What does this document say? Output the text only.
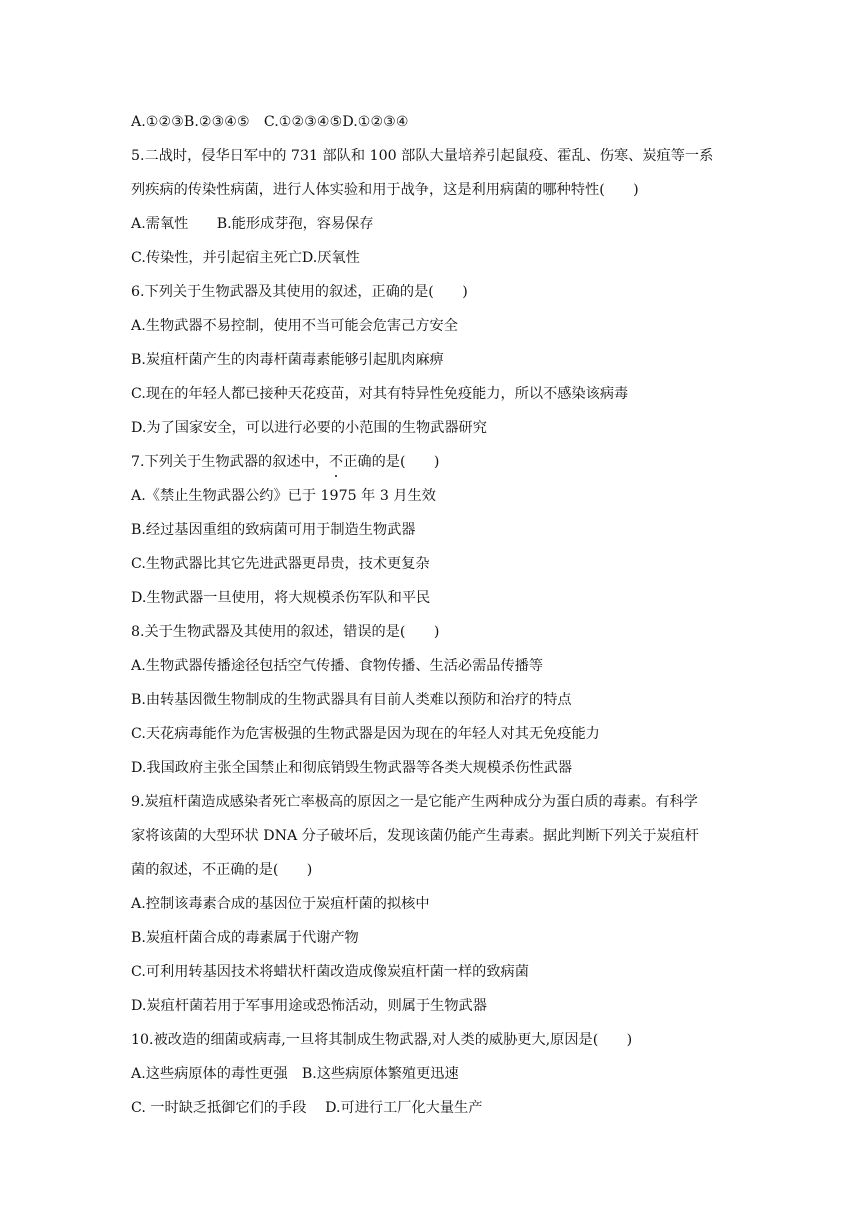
A.①②③B.②③④⑤　C.①②③④⑤D.①②③④
5.二战时，侵华日军中的 731 部队和 100 部队大量培养引起鼠疫、霍乱、伤寒、炭疽等一系
列疾病的传染性病菌，进行人体实验和用于战争，这是利用病菌的哪种特性(　　)
A.需氧性　　B.能形成芽孢，容易保存
C.传染性，并引起宿主死亡D.厌氧性
6.下列关于生物武器及其使用的叙述，正确的是(　　)
A.生物武器不易控制，使用不当可能会危害己方安全
B.炭疽杆菌产生的肉毒杆菌毒素能够引起肌肉麻痹
C.现在的年轻人都已接种天花疫苗，对其有特异性免疫能力，所以不感染该病毒
D.为了国家安全，可以进行必要的小范围的生物武器研究
7.下列关于生物武器的叙述中，不正确的是(　　)
A.《禁止生物武器公约》已于 1975 年 3 月生效
B.经过基因重组的致病菌可用于制造生物武器
C.生物武器比其它先进武器更昂贵，技术更复杂
D.生物武器一旦使用，将大规模杀伤军队和平民
8.关于生物武器及其使用的叙述，错误的是(　　)
A.生物武器传播途径包括空气传播、食物传播、生活必需品传播等
B.由转基因微生物制成的生物武器具有目前人类难以预防和治疗的特点
C.天花病毒能作为危害极强的生物武器是因为现在的年轻人对其无免疫能力
D.我国政府主张全国禁止和彻底销毁生物武器等各类大规模杀伤性武器
9.炭疽杆菌造成感染者死亡率极高的原因之一是它能产生两种成分为蛋白质的毒素。有科学
家将该菌的大型环状 DNA 分子破坏后，发现该菌仍能产生毒素。据此判断下列关于炭疽杆
菌的叙述，不正确的是(　　)
A.控制该毒素合成的基因位于炭疽杆菌的拟核中
B.炭疽杆菌合成的毒素属于代谢产物
C.可利用转基因技术将蜡状杆菌改造成像炭疽杆菌一样的致病菌
D.炭疽杆菌若用于军事用途或恐怖活动，则属于生物武器
10.被改造的细菌或病毒,一旦将其制成生物武器,对人类的威胁更大,原因是(　　)
A.这些病原体的毒性更强　B.这些病原体繁殖更迅速
C. 一时缺乏抵御它们的手段　 D.可进行工厂化大量生产
